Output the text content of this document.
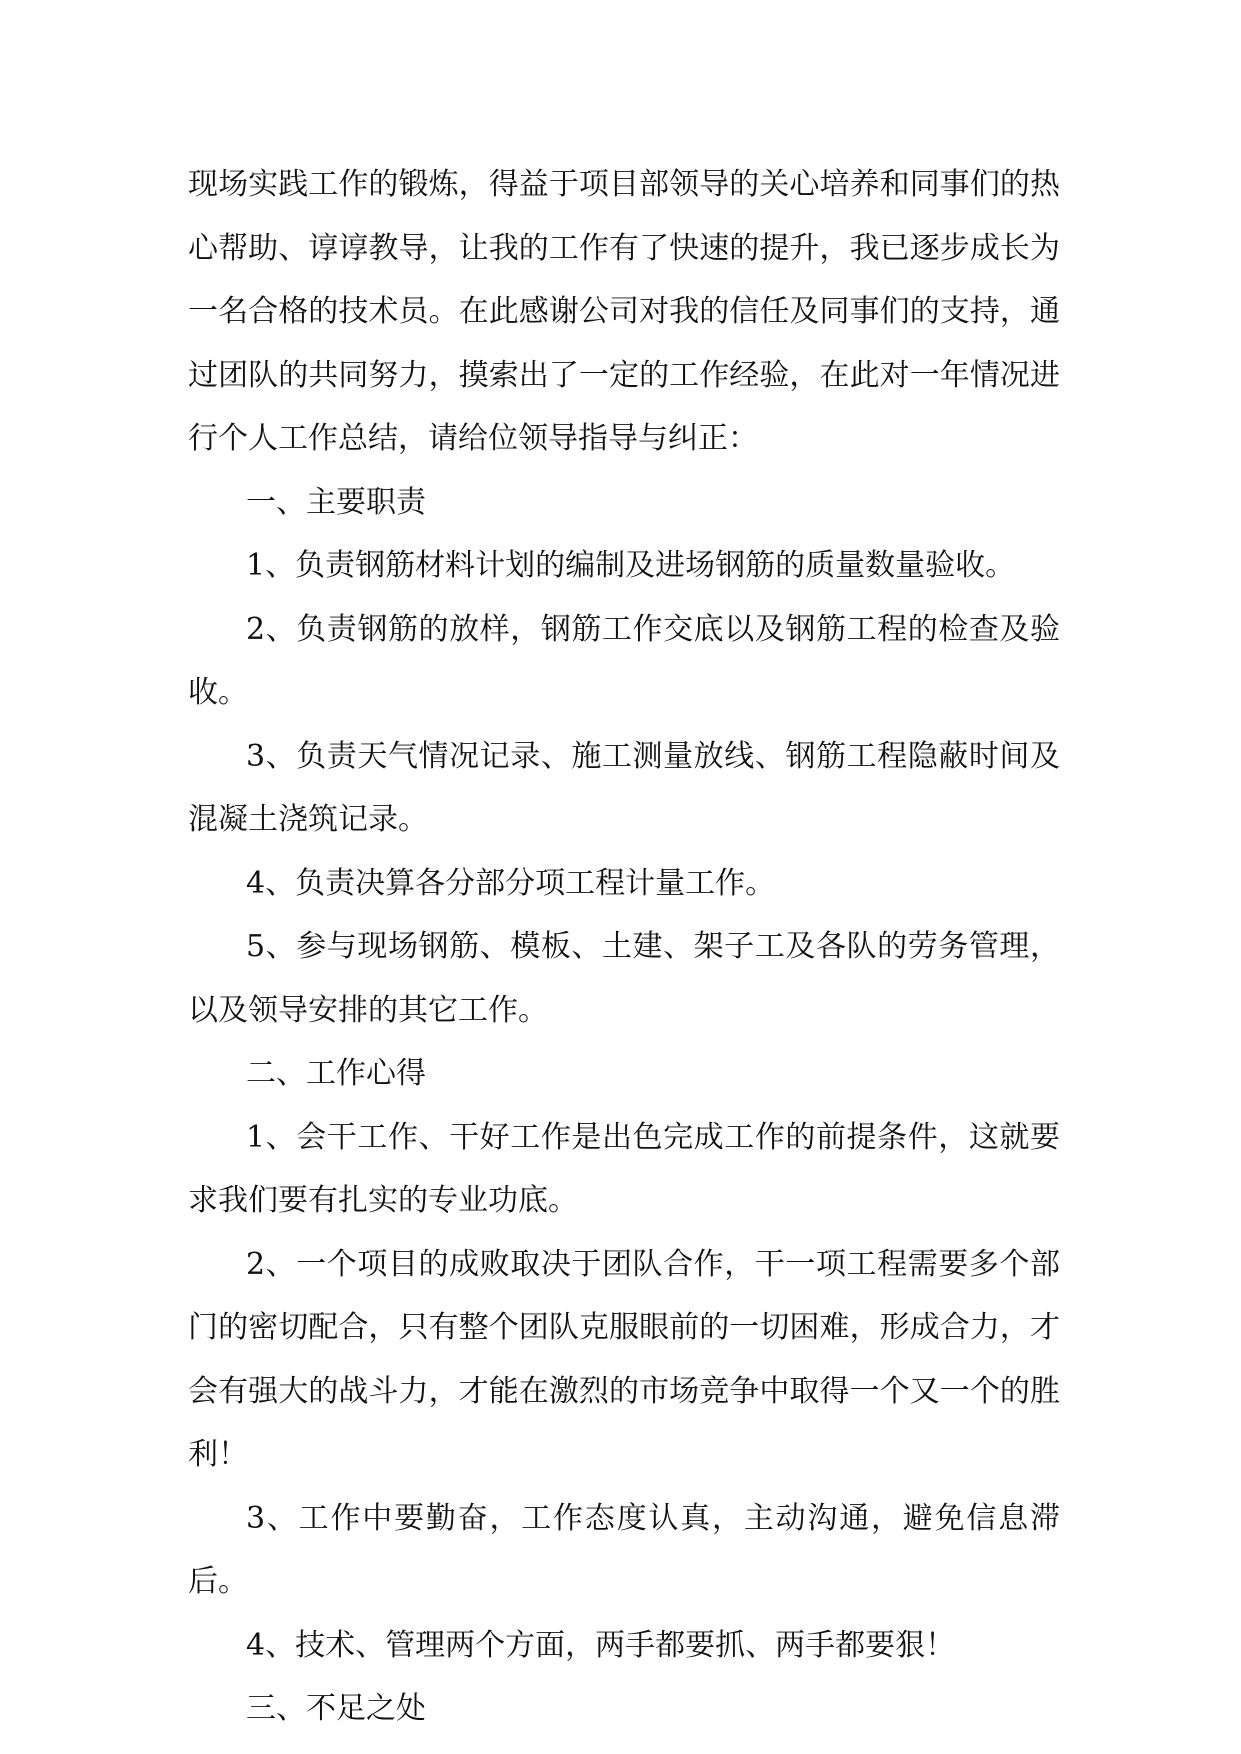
现场实践工作的锻炼，得益于项目部领导的关心培养和同事们的热心帮助、谆谆教导，让我的工作有了快速的提升，我已逐步成长为一名合格的技术员。在此感谢公司对我的信任及同事们的支持，通过团队的共同努力，摸索出了一定的工作经验，在此对一年情况进行个人工作总结，请给位领导指导与纠正：

一、主要职责

1、负责钢筋材料计划的编制及进场钢筋的质量数量验收。

2、负责钢筋的放样，钢筋工作交底以及钢筋工程的检查及验收。

3、负责天气情况记录、施工测量放线、钢筋工程隐蔽时间及混凝土浇筑记录。

4、负责决算各分部分项工程计量工作。

5、参与现场钢筋、模板、土建、架子工及各队的劳务管理，以及领导安排的其它工作。

二、工作心得

1、会干工作、干好工作是出色完成工作的前提条件，这就要求我们要有扎实的专业功底。

2、一个项目的成败取决于团队合作，干一项工程需要多个部门的密切配合，只有整个团队克服眼前的一切困难，形成合力，才会有强大的战斗力，才能在激烈的市场竞争中取得一个又一个的胜利！

3、工作中要勤奋，工作态度认真，主动沟通，避免信息滞后。

4、技术、管理两个方面，两手都要抓、两手都要狠！

三、不足之处
